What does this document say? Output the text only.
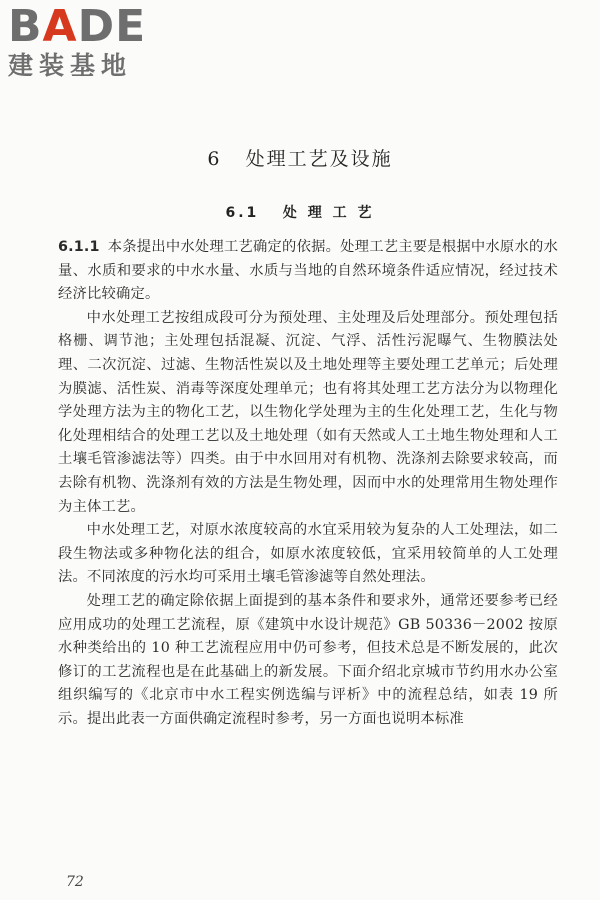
BADE
建装基地
6 处理工艺及设施
6.1 处 理 工 艺

6.1.1 本条提出中水处理工艺确定的依据。处理工艺主要是根据中水原水的水量、水质和要求的中水水量、水质与当地的自然环境条件适应情况，经过技术经济比较确定。

中水处理工艺按组成段可分为预处理、主处理及后处理部分。预处理包括格栅、调节池；主处理包括混凝、沉淀、气浮、活性污泥曝气、生物膜法处理、二次沉淀、过滤、生物活性炭以及土地处理等主要处理工艺单元；后处理为膜滤、活性炭、消毒等深度处理单元；也有将其处理工艺方法分为以物理化学处理方法为主的物化工艺，以生物化学处理为主的生化处理工艺，生化与物化处理相结合的处理工艺以及土地处理（如有天然或人工土地生物处理和人工土壤毛管渗滤法等）四类。由于中水回用对有机物、洗涤剂去除要求较高，而去除有机物、洗涤剂有效的方法是生物处理，因而中水的处理常用生物处理作为主体工艺。

中水处理工艺，对原水浓度较高的水宜采用较为复杂的人工处理法，如二段生物法或多种物化法的组合，如原水浓度较低，宜采用较简单的人工处理法。不同浓度的污水均可采用土壤毛管渗滤等自然处理法。

处理工艺的确定除依据上面提到的基本条件和要求外，通常还要参考已经应用成功的处理工艺流程，原《建筑中水设计规范》GB 50336－2002 按原水种类给出的 10 种工艺流程应用中仍可参考，但技术总是不断发展的，此次修订的工艺流程也是在此基础上的新发展。下面介绍北京城市节约用水办公室组织编写的《北京市中水工程实例选编与评析》中的流程总结，如表 19 所示。提出此表一方面供确定流程时参考，另一方面也说明本标准

72
